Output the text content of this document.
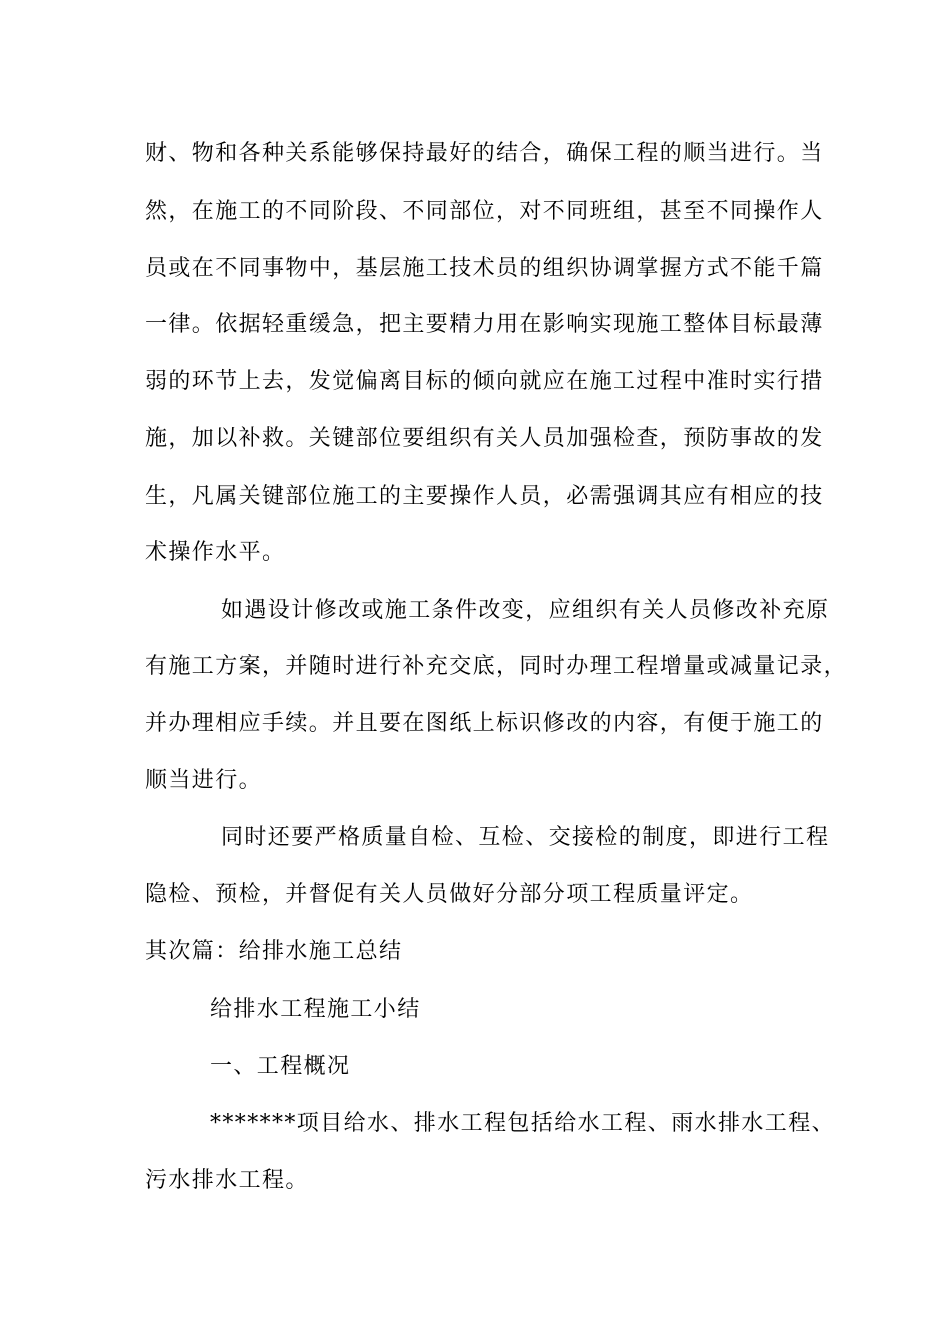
财、物和各种关系能够保持最好的结合，确保工程的顺当进行。当
然，在施工的不同阶段、不同部位，对不同班组，甚至不同操作人
员或在不同事物中，基层施工技术员的组织协调掌握方式不能千篇
一律。依据轻重缓急，把主要精力用在影响实现施工整体目标最薄
弱的环节上去，发觉偏离目标的倾向就应在施工过程中准时实行措
施，加以补救。关键部位要组织有关人员加强检查，预防事故的发
生，凡属关键部位施工的主要操作人员，必需强调其应有相应的技
术操作水平。
如遇设计修改或施工条件改变，应组织有关人员修改补充原
有施工方案，并随时进行补充交底，同时办理工程增量或减量记录，
并办理相应手续。并且要在图纸上标识修改的内容，有便于施工的
顺当进行。
同时还要严格质量自检、互检、交接检的制度，即进行工程
隐检、预检，并督促有关人员做好分部分项工程质量评定。
其次篇：给排水施工总结
给排水工程施工小结
一、工程概况
*******项目给水、排水工程包括给水工程、雨水排水工程、
污水排水工程。
